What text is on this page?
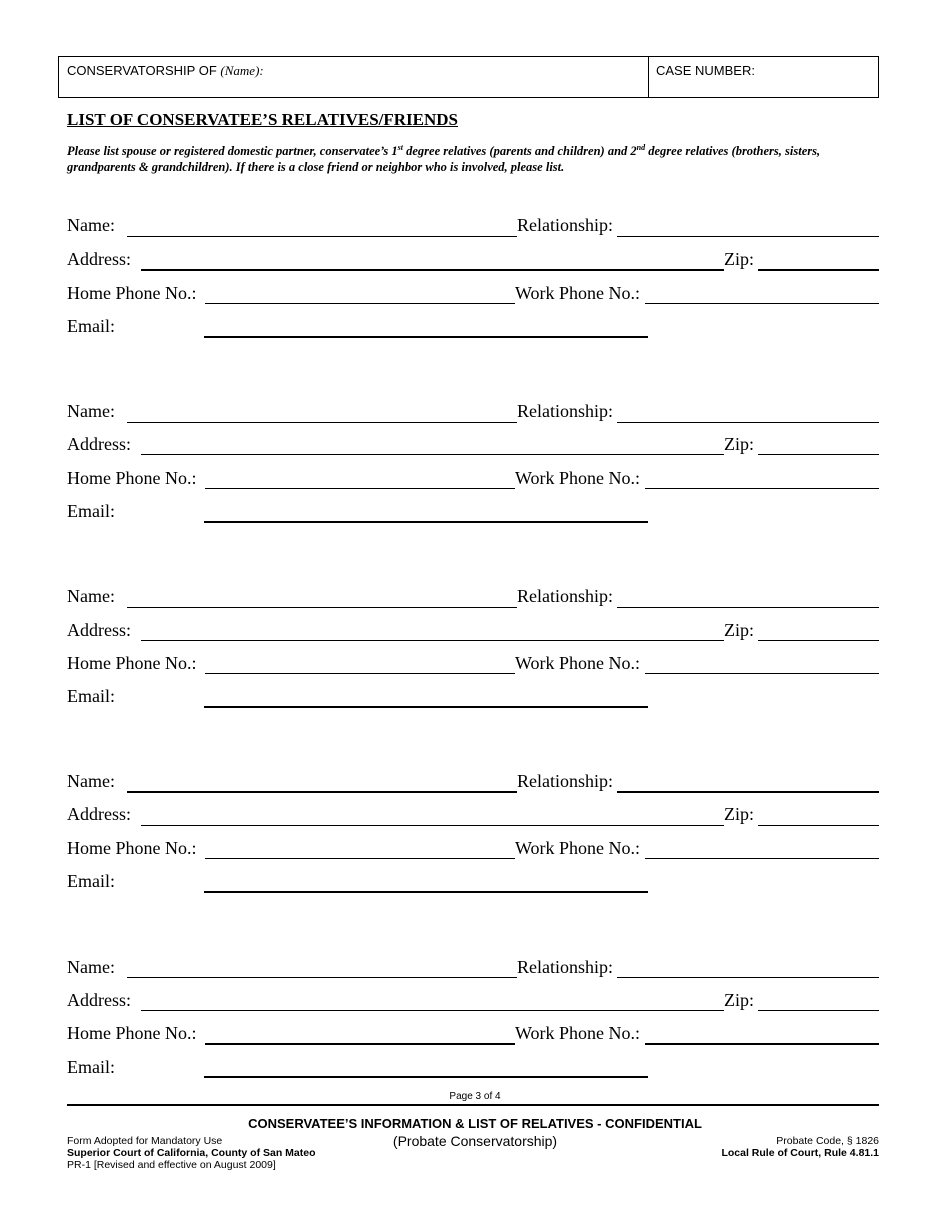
CONSERVATORSHIP OF (Name):	CASE NUMBER:
LIST OF CONSERVATEE’S RELATIVES/FRIENDS
Please list spouse or registered domestic partner, conservatee’s 1st degree relatives (parents and children) and 2nd degree relatives (brothers, sisters, grandparents & grandchildren). If there is a close friend or neighbor who is involved, please list.
Name:	Relationship:
Address:	Zip:
Home Phone No.:	Work Phone No.:
Email:
Name:	Relationship:
Address:	Zip:
Home Phone No.:	Work Phone No.:
Email:
Name:	Relationship:
Address:	Zip:
Home Phone No.:	Work Phone No.:
Email:
Name:	Relationship:
Address:	Zip:
Home Phone No.:	Work Phone No.:
Email:
Name:	Relationship:
Address:	Zip:
Home Phone No.:	Work Phone No.:
Email:
Page 3 of 4
CONSERVATEE’S INFORMATION & LIST OF RELATIVES - CONFIDENTIAL
(Probate Conservatorship)
Form Adopted for Mandatory Use
Superior Court of California, County of San Mateo
PR-1 [Revised and effective on August 2009]
Probate Code, § 1826
Local Rule of Court, Rule 4.81.1
